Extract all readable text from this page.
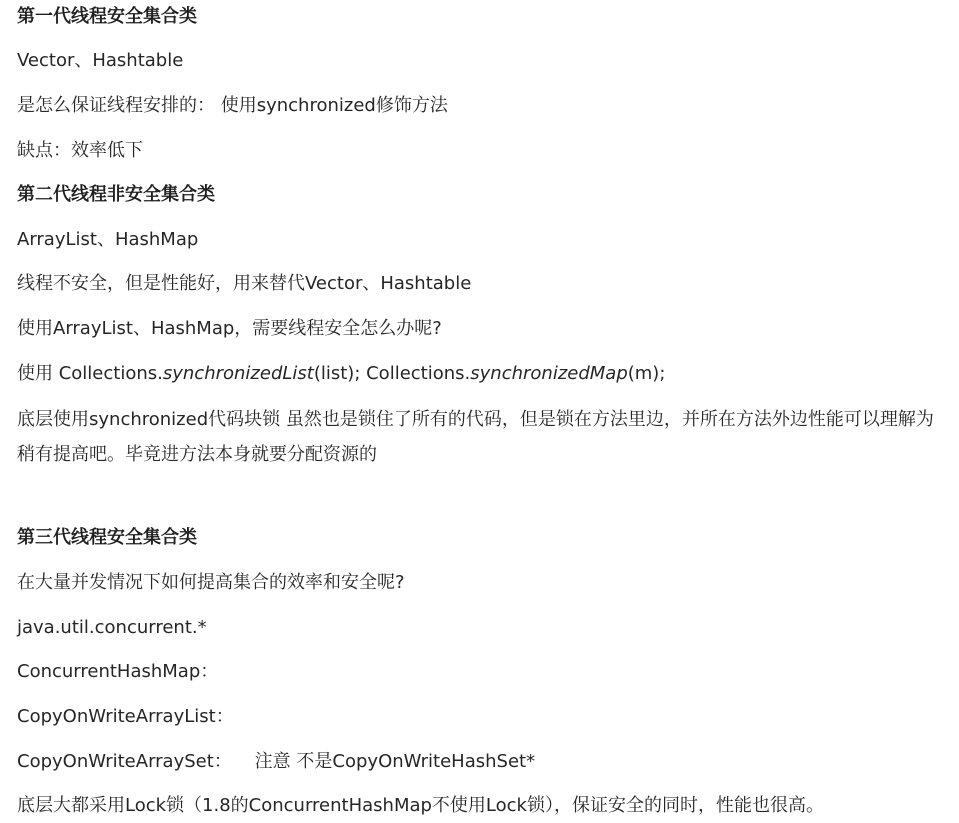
第一代线程安全集合类
Vector、Hashtable
是怎么保证线程安排的： 使用synchronized修饰方法
缺点：效率低下
第二代线程非安全集合类
ArrayList、HashMap
线程不安全，但是性能好，用来替代Vector、Hashtable
使用ArrayList、HashMap，需要线程安全怎么办呢?
使用 Collections.synchronizedList(list); Collections.synchronizedMap(m);
底层使用synchronized代码块锁 虽然也是锁住了所有的代码，但是锁在方法里边，并所在方法外边性能可以理解为稍有提高吧。毕竟进方法本身就要分配资源的
第三代线程安全集合类
在大量并发情况下如何提高集合的效率和安全呢?
java.util.concurrent.*
ConcurrentHashMap：
CopyOnWriteArrayList：
CopyOnWriteArraySet：    注意 不是CopyOnWriteHashSet*
底层大都采用Lock锁（1.8的ConcurrentHashMap不使用Lock锁），保证安全的同时，性能也很高。
